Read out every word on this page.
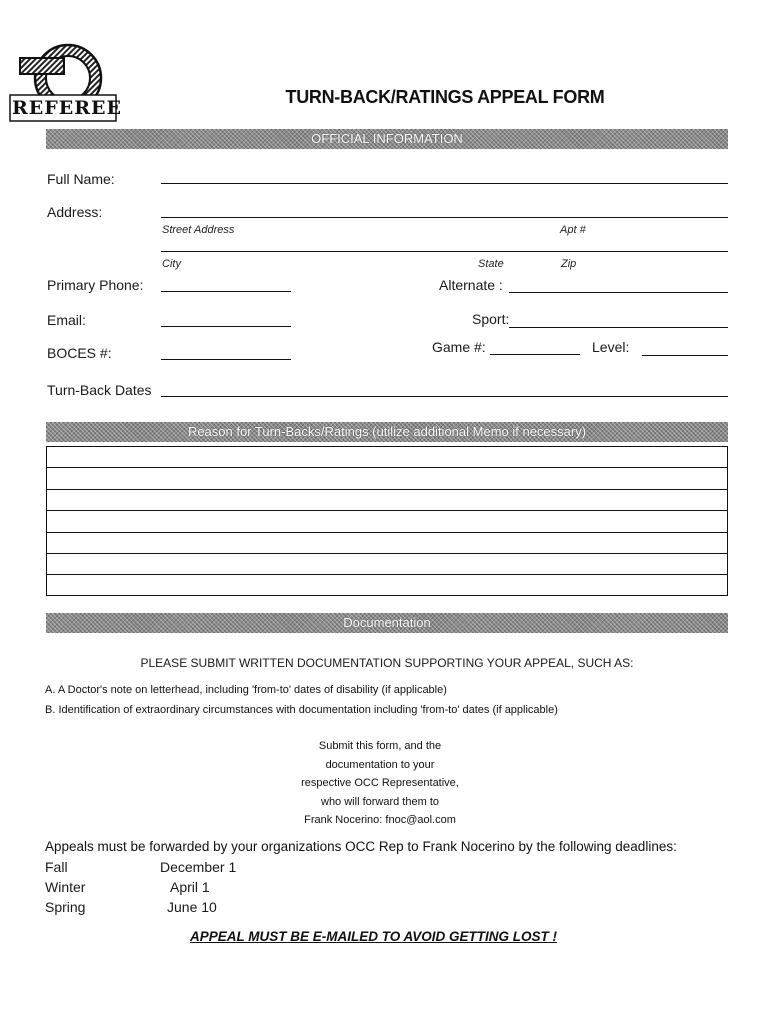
REFEREE	TURN-BACK/RATINGS APPEAL FORM
OFFICIAL INFORMATION
Full Name:
Address:
Street Address	Apt #
City	State	Zip
Primary Phone:	Alternate :
Email:	Sport:
BOCES #:	Game #:	Level:
Turn-Back Dates
Reason for Turn-Backs/Ratings (utilize additional Memo if necessary)
Documentation
PLEASE SUBMIT WRITTEN DOCUMENTATION SUPPORTING YOUR APPEAL, SUCH AS:
A. A Doctor's note on letterhead, including 'from-to' dates of disability (if applicable)
B. Identification of extraordinary circumstances with documentation including 'from-to' dates (if applicable)
Submit this form, and the
documentation to your
respective OCC Representative,
who will forward them to
Frank Nocerino: fnoc@aol.com
Appeals must be forwarded by your organizations OCC Rep to Frank Nocerino by the following deadlines:
Fall	December 1
Winter	April 1
Spring	June 10
APPEAL MUST BE E-MAILED TO AVOID GETTING LOST !
